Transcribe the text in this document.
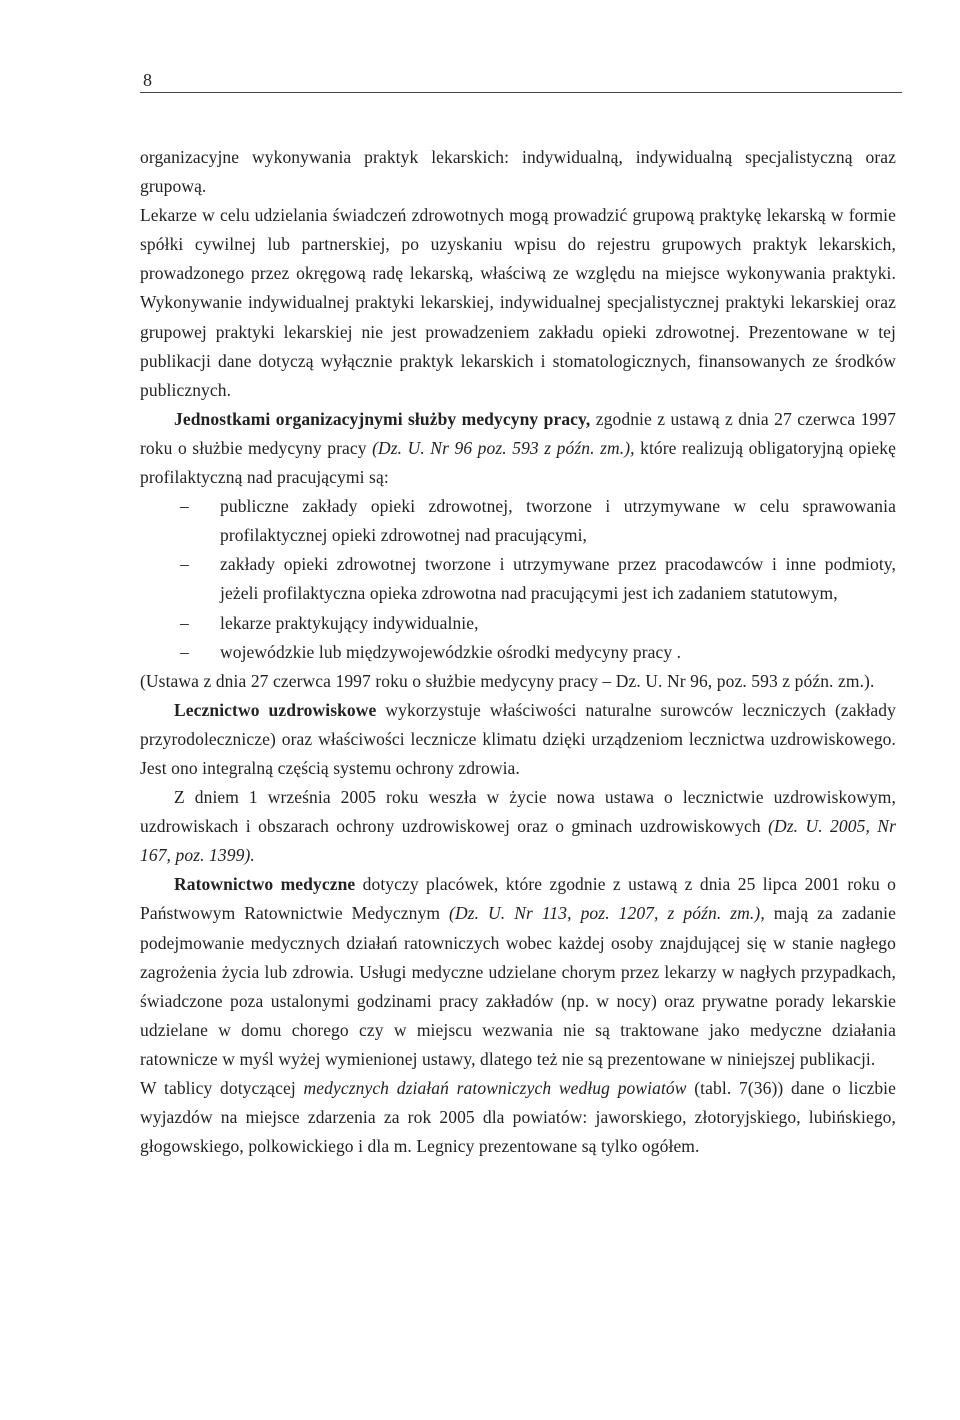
8

organizacyjne wykonywania praktyk lekarskich: indywidualną, indywidualną specjalistyczną oraz grupową.

Lekarze w celu udzielania świadczeń zdrowotnych mogą prowadzić grupową praktykę lekarską w formie spółki cywilnej lub partnerskiej, po uzyskaniu wpisu do rejestru grupowych praktyk lekarskich, prowadzonego przez okręgową radę lekarską, właściwą ze względu na miejsce wykonywania praktyki. Wykonywanie indywidualnej praktyki lekarskiej, indywidualnej specjalistycznej praktyki lekarskiej oraz grupowej praktyki lekarskiej nie jest prowadzeniem zakładu opieki zdrowotnej. Prezentowane w tej publikacji dane dotyczą wyłącznie praktyk lekarskich i stomatologicznych, finansowanych ze środków publicznych.

Jednostkami organizacyjnymi służby medycyny pracy, zgodnie z ustawą z dnia 27 czerwca 1997 roku o służbie medycyny pracy (Dz. U. Nr 96 poz. 593 z późn. zm.), które realizują obligatoryjną opiekę profilaktyczną nad pracującymi są:

– publiczne zakłady opieki zdrowotnej, tworzone i utrzymywane w celu sprawowania profilaktycznej opieki zdrowotnej nad pracującymi,
– zakłady opieki zdrowotnej tworzone i utrzymywane przez pracodawców i inne podmioty, jeżeli profilaktyczna opieka zdrowotna nad pracującymi jest ich zadaniem statutowym,
– lekarze praktykujący indywidualnie,
– wojewódzkie lub międzywojewódzkie ośrodki medycyny pracy .

(Ustawa z dnia 27 czerwca 1997 roku o służbie medycyny pracy – Dz. U. Nr 96, poz. 593 z późn. zm.).

Lecznictwo uzdrowiskowe wykorzystuje właściwości naturalne surowców leczniczych (zakłady przyrodolecznicze) oraz właściwości lecznicze klimatu dzięki urządzeniom lecznictwa uzdrowiskowego. Jest ono integralną częścią systemu ochrony zdrowia.

Z dniem 1 września 2005 roku weszła w życie nowa ustawa o lecznictwie uzdrowiskowym, uzdrowiskach i obszarach ochrony uzdrowiskowej oraz o gminach uzdrowiskowych (Dz. U. 2005, Nr 167, poz. 1399).

Ratownictwo medyczne dotyczy placówek, które zgodnie z ustawą z dnia 25 lipca 2001 roku o Państwowym Ratownictwie Medycznym (Dz. U. Nr 113, poz. 1207, z późn. zm.), mają za zadanie podejmowanie medycznych działań ratowniczych wobec każdej osoby znajdującej się w stanie nagłego zagrożenia życia lub zdrowia. Usługi medyczne udzielane chorym przez lekarzy w nagłych przypadkach, świadczone poza ustalonymi godzinami pracy zakładów (np. w nocy) oraz prywatne porady lekarskie udzielane w domu chorego czy w miejscu wezwania nie są traktowane jako medyczne działania ratownicze w myśl wyżej wymienionej ustawy, dlatego też nie są prezentowane w niniejszej publikacji.

W tablicy dotyczącej medycznych działań ratowniczych według powiatów (tabl. 7(36)) dane o liczbie wyjazdów na miejsce zdarzenia za rok 2005 dla powiatów: jaworskiego, złotoryjskiego, lubińskiego, głogowskiego, polkowickiego i dla m. Legnicy prezentowane są tylko ogółem.
